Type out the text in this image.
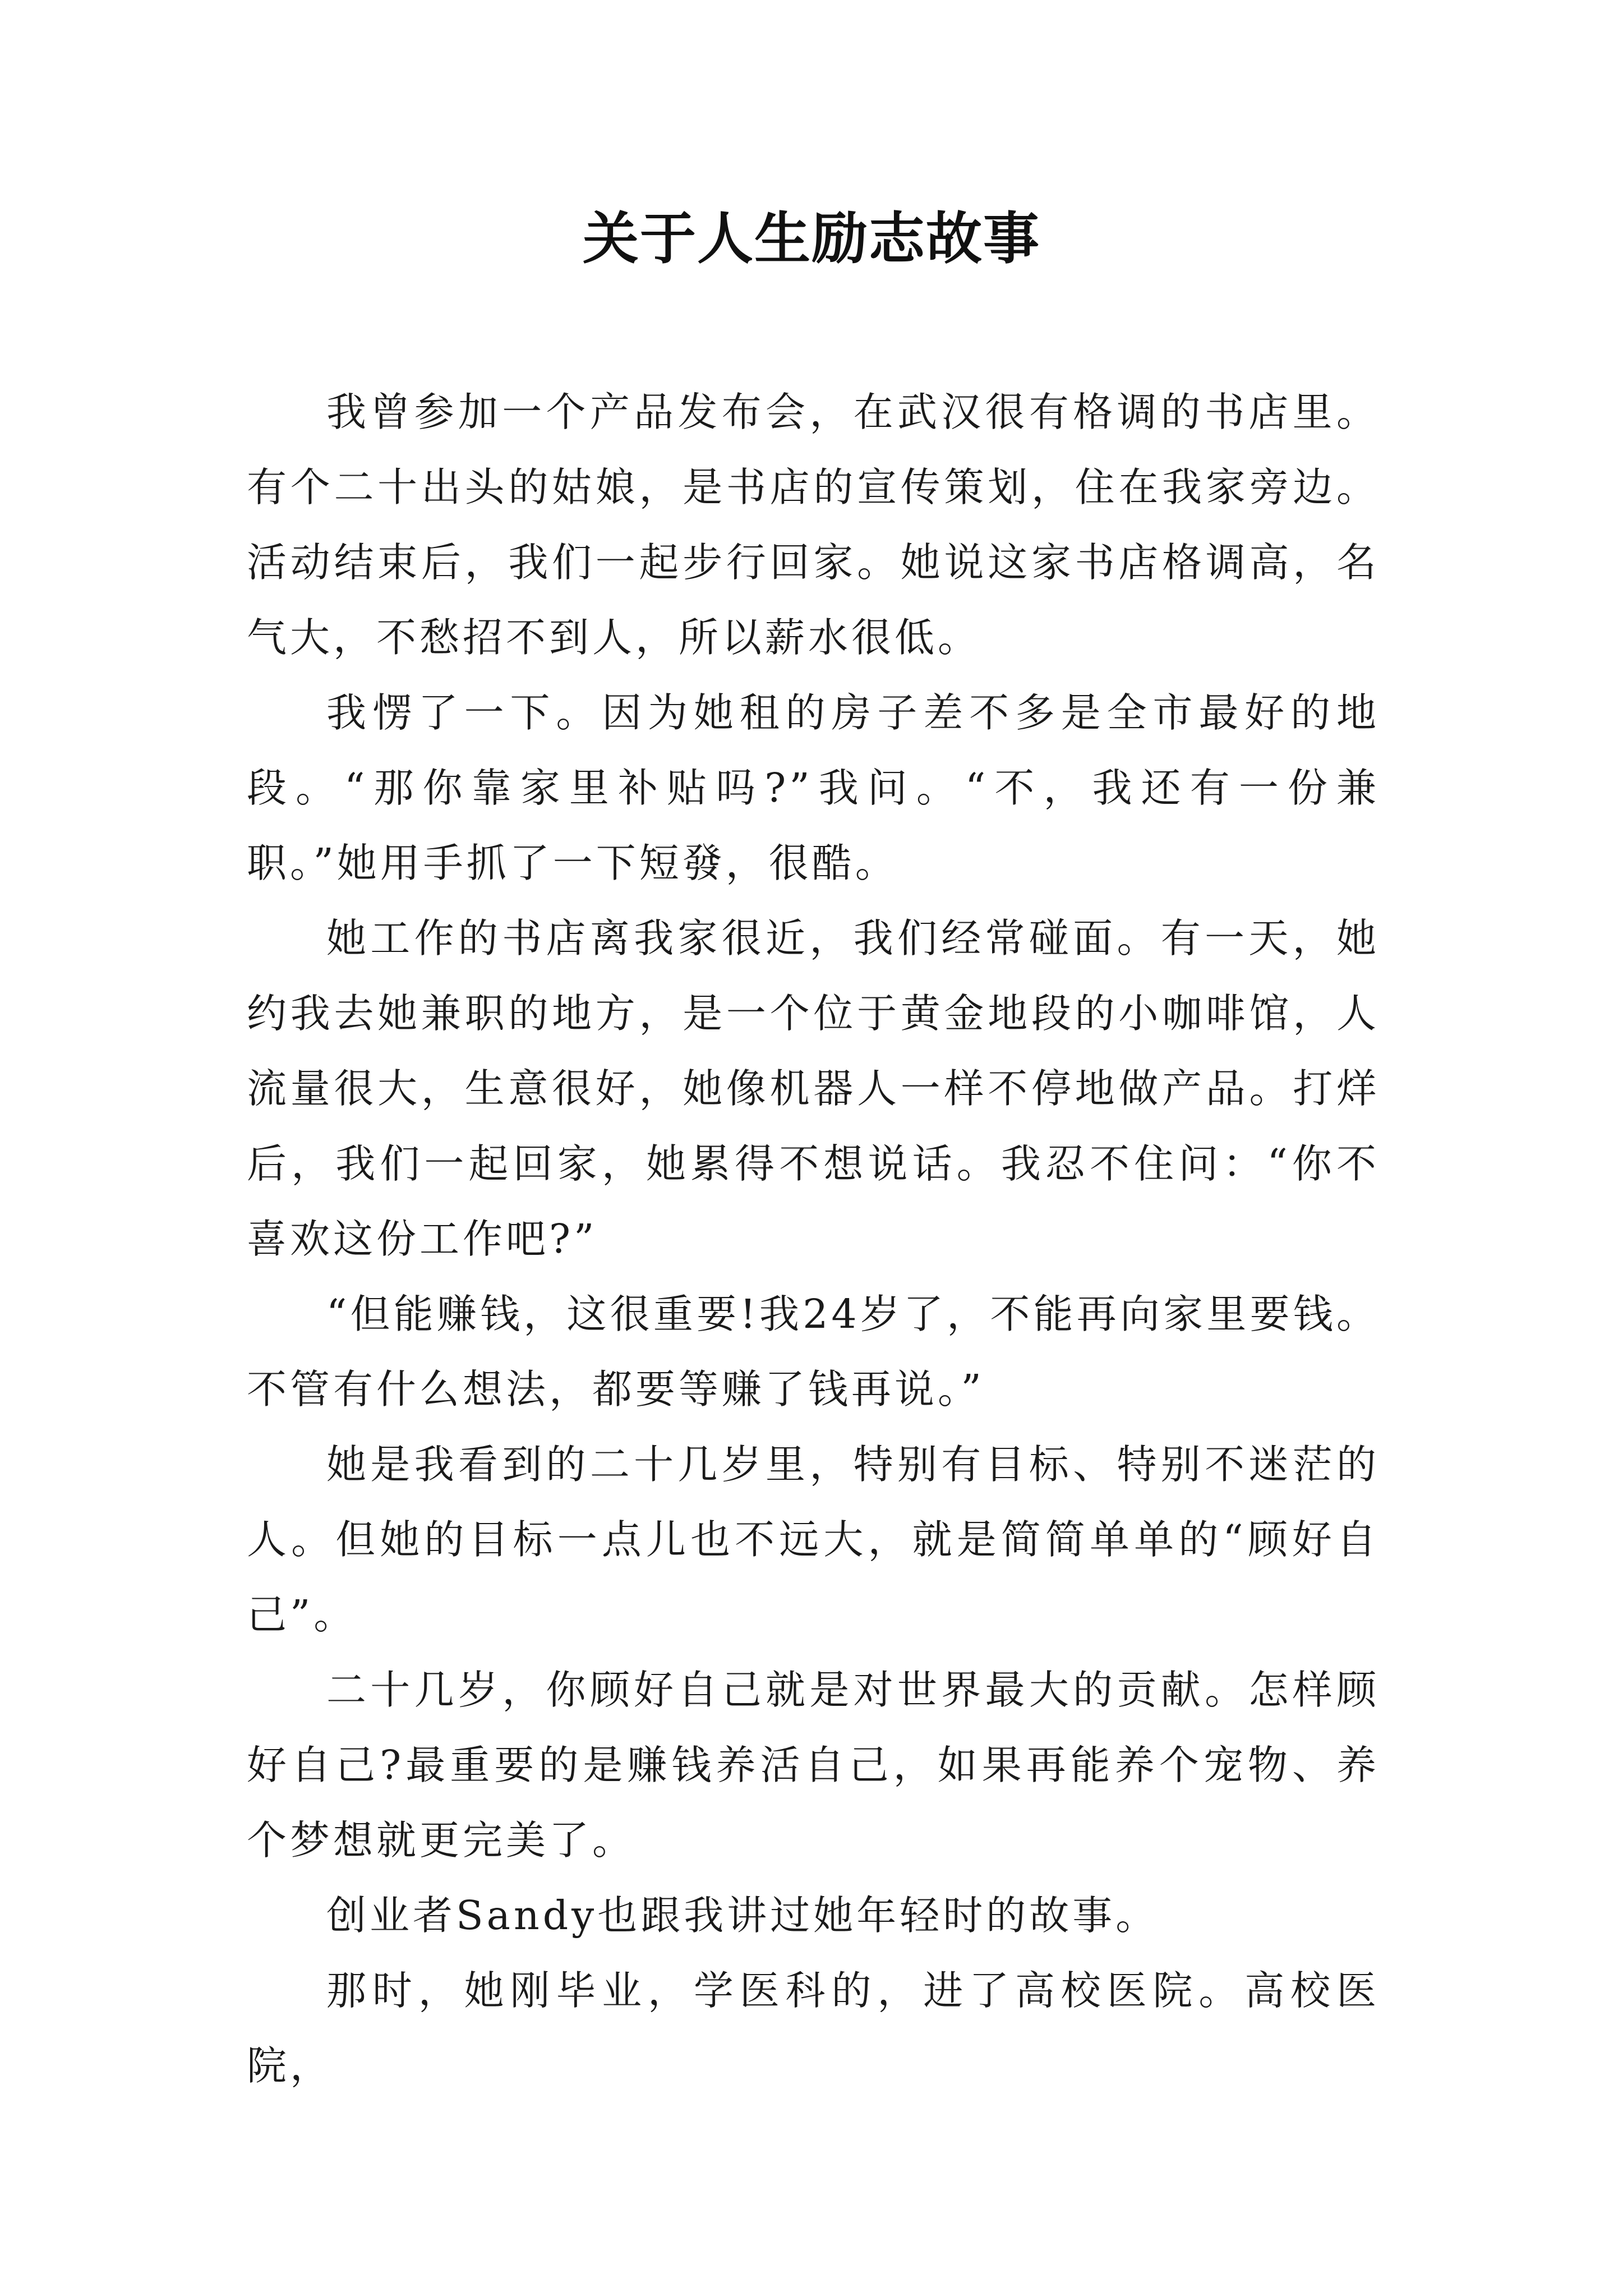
关于人生励志故事

我曾参加一个产品发布会，在武汉很有格调的书店里。有个二十出头的姑娘，是书店的宣传策划，住在我家旁边。活动结束后，我们一起步行回家。她说这家书店格调高，名气大，不愁招不到人，所以薪水很低。

我愣了一下。因为她租的房子差不多是全市最好的地段。“那你靠家里补贴吗?”我问。“不，我还有一份兼职。”她用手抓了一下短發，很酷。

她工作的书店离我家很近，我们经常碰面。有一天，她约我去她兼职的地方，是一个位于黄金地段的小咖啡馆，人流量很大，生意很好，她像机器人一样不停地做产品。打烊后，我们一起回家，她累得不想说话。我忍不住问：“你不喜欢这份工作吧?”

“但能赚钱，这很重要!我24岁了，不能再向家里要钱。不管有什么想法，都要等赚了钱再说。”

她是我看到的二十几岁里，特别有目标、特别不迷茫的人。但她的目标一点儿也不远大，就是简简单单的“顾好自己”。

二十几岁，你顾好自己就是对世界最大的贡献。怎样顾好自己?最重要的是赚钱养活自己，如果再能养个宠物、养个梦想就更完美了。

创业者Sandy也跟我讲过她年轻时的故事。

那时，她刚毕业，学医科的，进了高校医院。高校医院，
